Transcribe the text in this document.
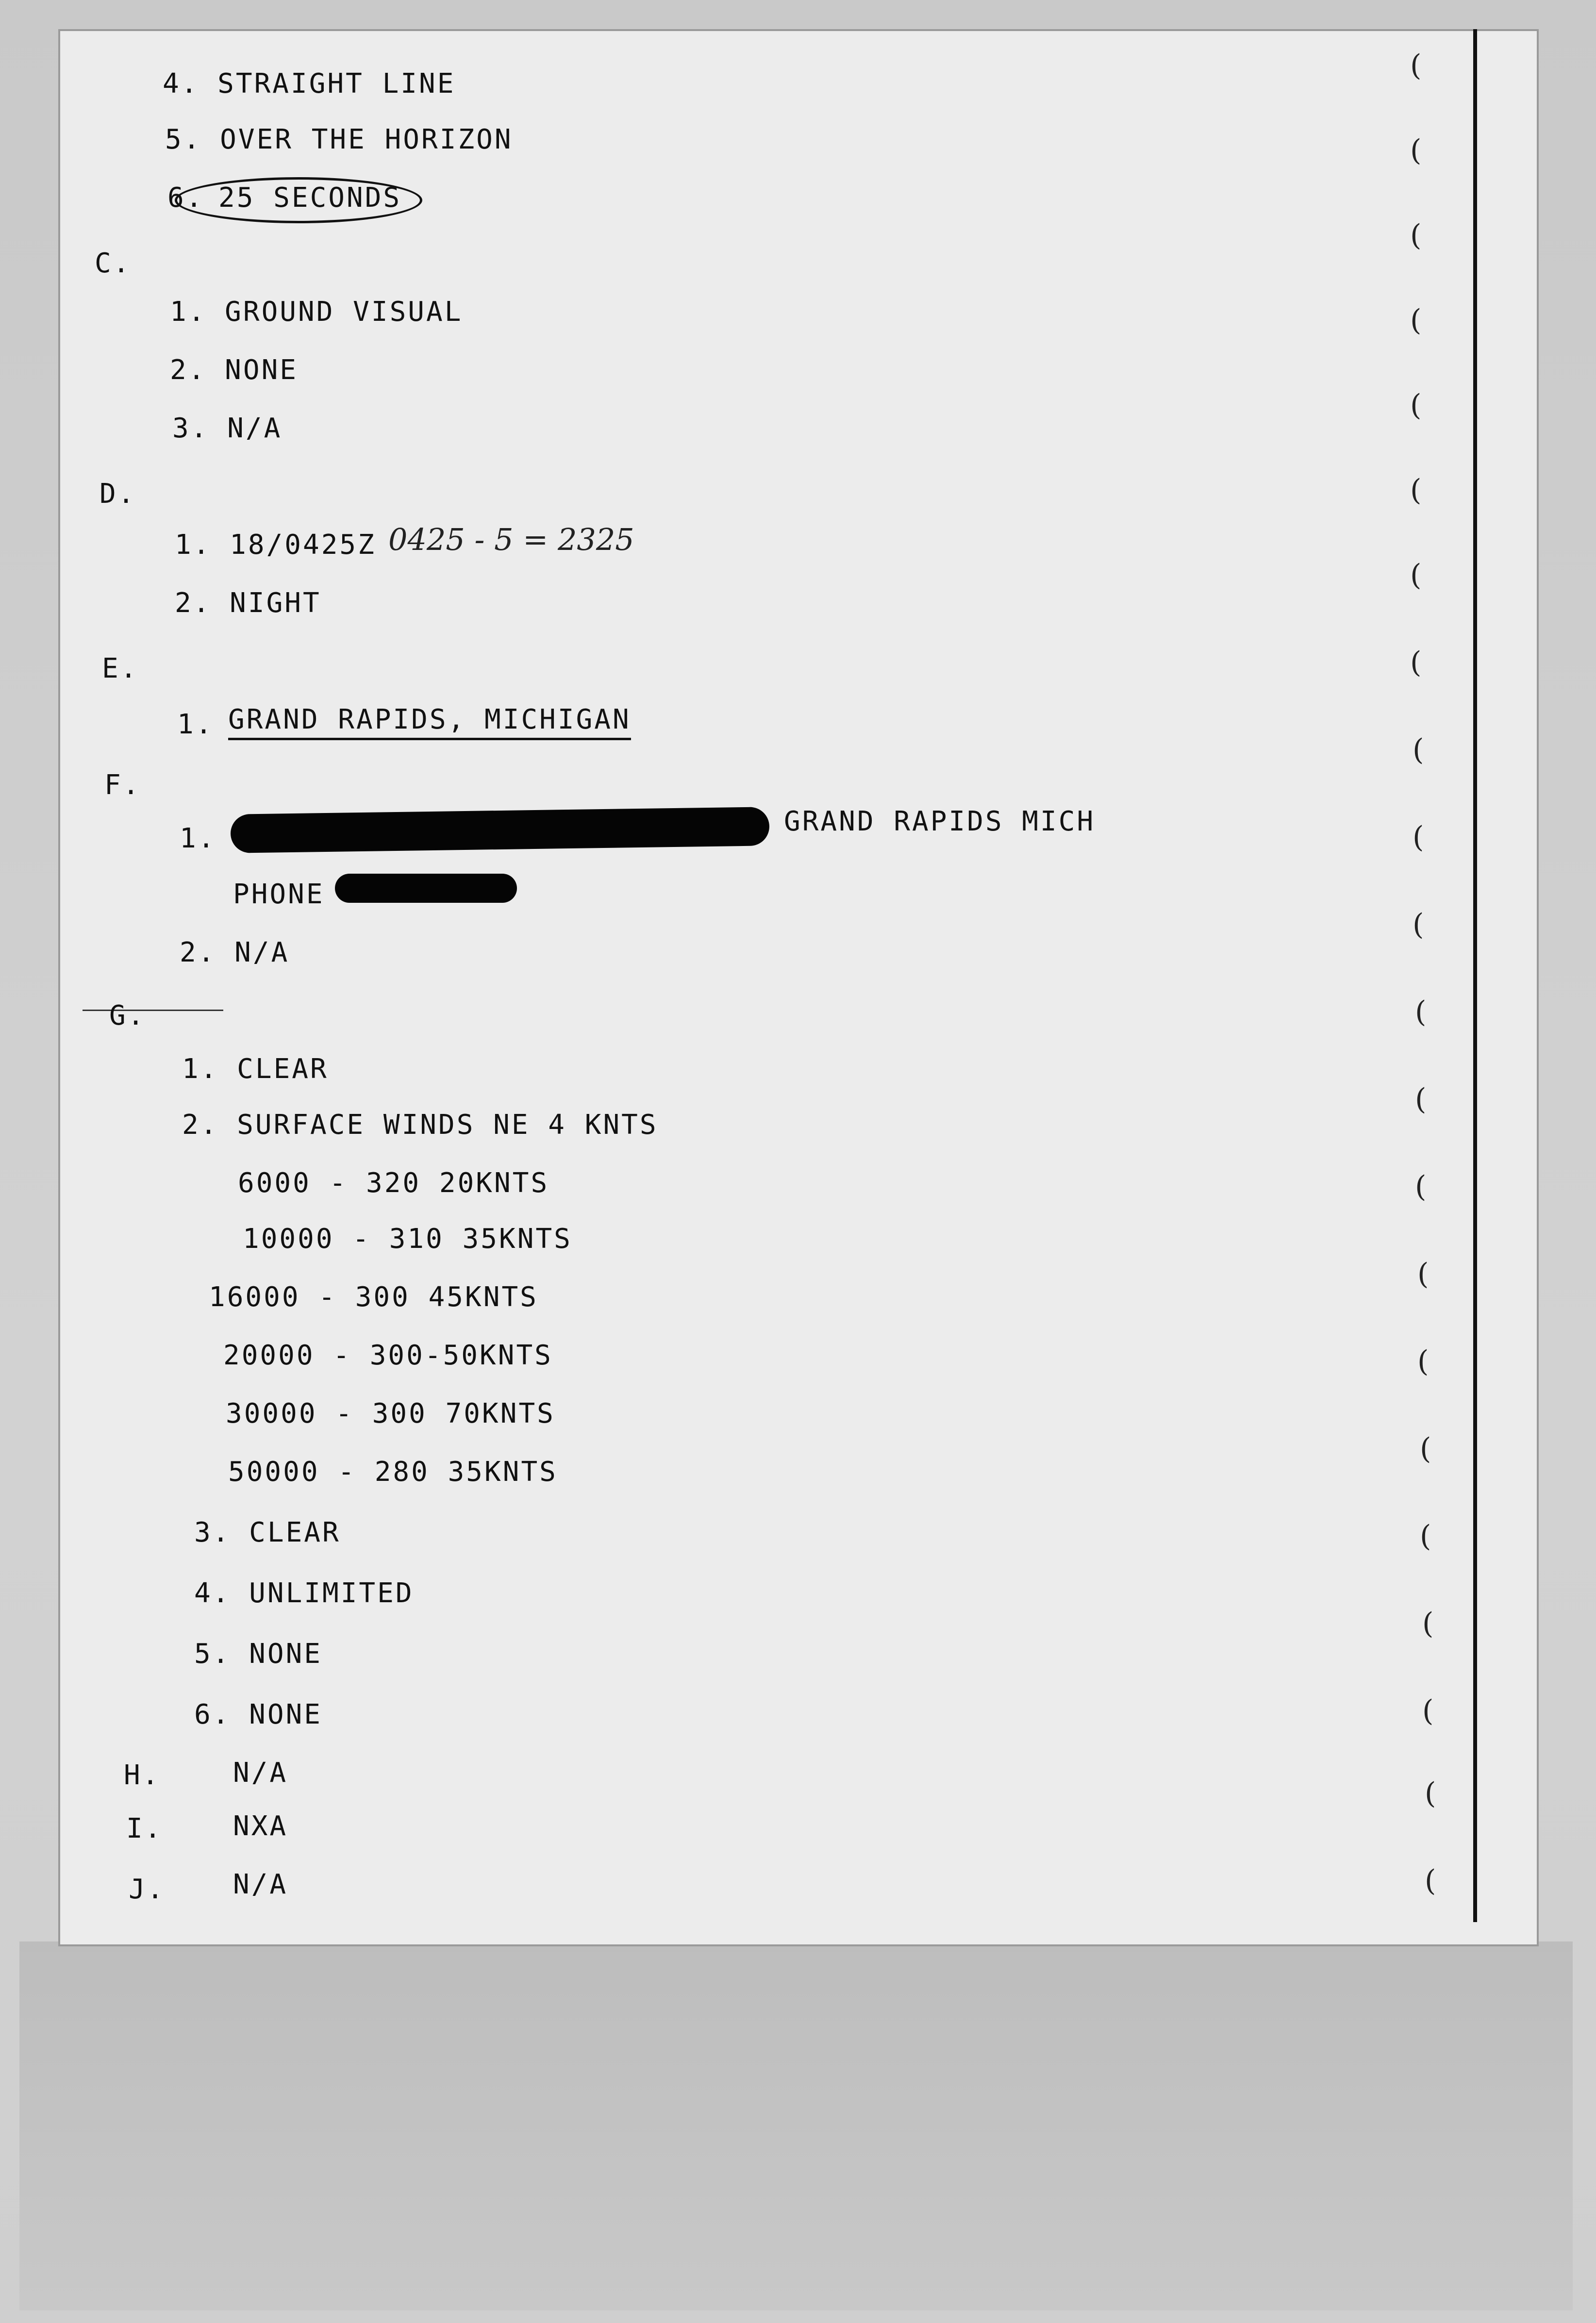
(
(
(
(
(
(
(
(
(
(
(
(
(
(
(
(
(
(
(
(
(
(
4. STRAIGHT LINE
5. OVER THE HORIZON
6. 25 SECONDS
C.
1. GROUND VISUAL
2. NONE
3. N/A
D.
1. 18/0425Z 0425 - 5 = 2325
2. NIGHT
E.
1. GRAND RAPIDS, MICHIGAN
F.
1.
GRAND RAPIDS MICH
PHONE
2. N/A
G.
1. CLEAR
2. SURFACE WINDS NE 4 KNTS
6000 - 320 20KNTS
10000 - 310 35KNTS
16000 - 300 45KNTS
20000 - 300-50KNTS
30000 - 300 70KNTS
50000 - 280 35KNTS
3. CLEAR
4. UNLIMITED
5. NONE
6. NONE
H.	N/A
I.	NXA
J. N/A
